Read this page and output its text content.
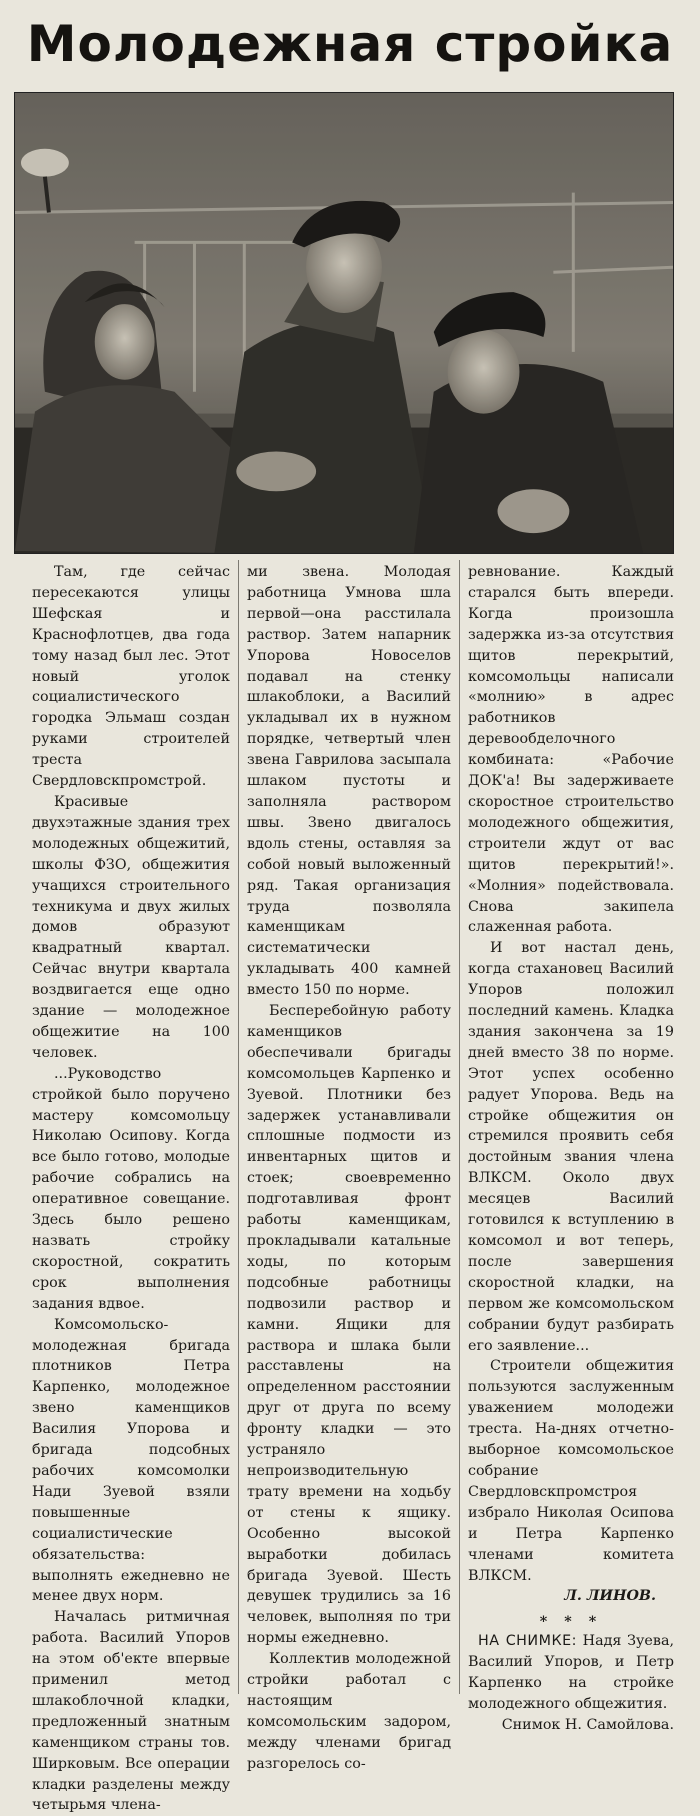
Молодежная стройка

Там, где сейчас пересекаются улицы Шефская и Краснофлотцев, два года тому назад был лес. Этот новый уголок социалистического городка Эльмаш создан руками строителей треста Свердловскпромстрой.

Красивые двухэтажные здания трех молодежных общежитий, школы ФЗО, общежития учащихся строительного техникума и двух жилых домов образуют квадратный квартал. Сейчас внутри квартала воздвигается еще одно здание — молодежное общежитие на 100 человек.

...Руководство стройкой было поручено мастеру комсомольцу Николаю Осипову. Когда все было готово, молодые рабочие собрались на оперативное совещание. Здесь было решено назвать стройку скоростной, сократить срок выполнения задания вдвое.

Комсомольско-молодежная бригада плотников Петра Карпенко, молодежное звено каменщиков Василия Упорова и бригада подсобных рабочих комсомолки Нади Зуевой взяли повышенные социалистические обязательства: выполнять ежедневно не менее двух норм.

Началась ритмичная работа. Василий Упоров на этом об'екте впервые применил метод шлакоблочной кладки, предложенный знатным каменщиком страны тов. Ширковым. Все операции кладки разделены между четырьмя члена-

ми звена. Молодая работница Умнова шла первой—она расстилала раствор. Затем напарник Упорова Новоселов подавал на стенку шлакоблоки, а Василий укладывал их в нужном порядке, четвертый член звена Гаврилова засыпала шлаком пустоты и заполняла раствором швы. Звено двигалось вдоль стены, оставляя за собой новый выложенный ряд. Такая организация труда позволяла каменщикам систематически укладывать 400 камней вместо 150 по норме.

Бесперебойную работу каменщиков обеспечивали бригады комсомольцев Карпенко и Зуевой. Плотники без задержек устанавливали сплошные подмости из инвентарных щитов и стоек; своевременно подготавливая фронт работы каменщикам, прокладывали катальные ходы, по которым подсобные работницы подвозили раствор и камни. Ящики для раствора и шлака были расставлены на определенном расстоянии друг от друга по всему фронту кладки — это устраняло непроизводительную трату времени на ходьбу от стены к ящику. Особенно высокой выработки добилась бригада Зуевой. Шесть девушек трудились за 16 человек, выполняя по три нормы ежедневно.

Коллектив молодежной стройки работал с настоящим комсомольским задором, между членами бригад разгорелось со-

ревнование. Каждый старался быть впереди. Когда произошла задержка из-за отсутствия щитов перекрытий, комсомольцы написали «молнию» в адрес работников деревообделочного комбината: «Рабочие ДОК'а! Вы задерживаете скоростное строительство молодежного общежития, строители ждут от вас щитов перекрытий!». «Молния» подействовала. Снова закипела слаженная работа.

И вот настал день, когда стахановец Василий Упоров положил последний камень. Кладка здания закончена за 19 дней вместо 38 по норме. Этот успех особенно радует Упорова. Ведь на стройке общежития он стремился проявить себя достойным звания члена ВЛКСМ. Около двух месяцев Василий готовился к вступлению в комсомол и вот теперь, после завершения скоростной кладки, на первом же комсомольском собрании будут разбирать его заявление...

Строители общежития пользуются заслуженным уважением молодежи треста. На-днях отчетно-выборное комсомольское собрание Свердловскпромстроя избрало Николая Осипова и Петра Карпенко членами комитета ВЛКСМ.

Л. ЛИНОВ.
* * *

НА СНИМКЕ: Надя Зуева, Василий Упоров, и Петр Карпенко на стройке молодежного общежития.

Снимок Н. Самойлова.
